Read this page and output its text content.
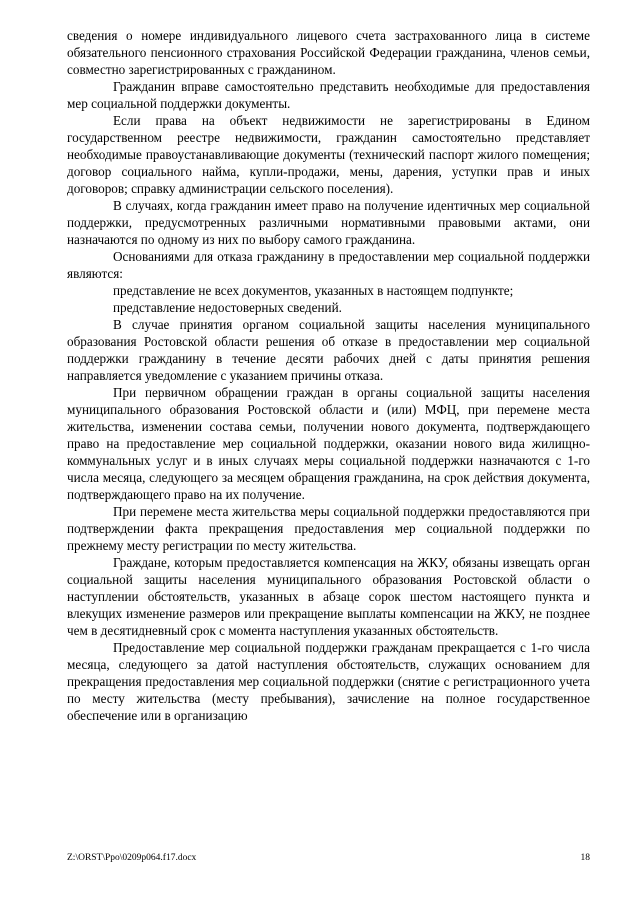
сведения о номере индивидуального лицевого счета застрахованного лица в системе обязательного пенсионного страхования Российской Федерации гражданина, членов семьи, совместно зарегистрированных с гражданином.

Гражданин вправе самостоятельно представить необходимые для предоставления мер социальной поддержки документы.

Если права на объект недвижимости не зарегистрированы в Едином государственном реестре недвижимости, гражданин самостоятельно представляет необходимые правоустанавливающие документы (технический паспорт жилого помещения; договор социального найма, купли-продажи, мены, дарения, уступки прав и иных договоров; справку администрации сельского поселения).

В случаях, когда гражданин имеет право на получение идентичных мер социальной поддержки, предусмотренных различными нормативными правовыми актами, они назначаются по одному из них по выбору самого гражданина.

Основаниями для отказа гражданину в предоставлении мер социальной поддержки являются:

представление не всех документов, указанных в настоящем подпункте;

представление недостоверных сведений.

В случае принятия органом социальной защиты населения муниципального образования Ростовской области решения об отказе в предоставлении мер социальной поддержки гражданину в течение десяти рабочих дней с даты принятия решения направляется уведомление с указанием причины отказа.

При первичном обращении граждан в органы социальной защиты населения муниципального образования Ростовской области и (или) МФЦ, при перемене места жительства, изменении состава семьи, получении нового документа, подтверждающего право на предоставление мер социальной поддержки, оказании нового вида жилищно-коммунальных услуг и в иных случаях меры социальной поддержки назначаются с 1-го числа месяца, следующего за месяцем обращения гражданина, на срок действия документа, подтверждающего право на их получение.

При перемене места жительства меры социальной поддержки предоставляются при подтверждении факта прекращения предоставления мер социальной поддержки по прежнему месту регистрации по месту жительства.

Граждане, которым предоставляется компенсация на ЖКУ, обязаны извещать орган социальной защиты населения муниципального образования Ростовской области о наступлении обстоятельств, указанных в абзаце сорок шестом настоящего пункта и влекущих изменение размеров или прекращение выплаты компенсации на ЖКУ, не позднее чем в десятидневный срок с момента наступления указанных обстоятельств.

Предоставление мер социальной поддержки гражданам прекращается с 1-го числа месяца, следующего за датой наступления обстоятельств, служащих основанием для прекращения предоставления мер социальной поддержки (снятие с регистрационного учета по месту жительства (месту пребывания), зачисление на полное государственное обеспечение или в организацию

Z:\ORST\Ppo\0209p064.f17.docx	18
